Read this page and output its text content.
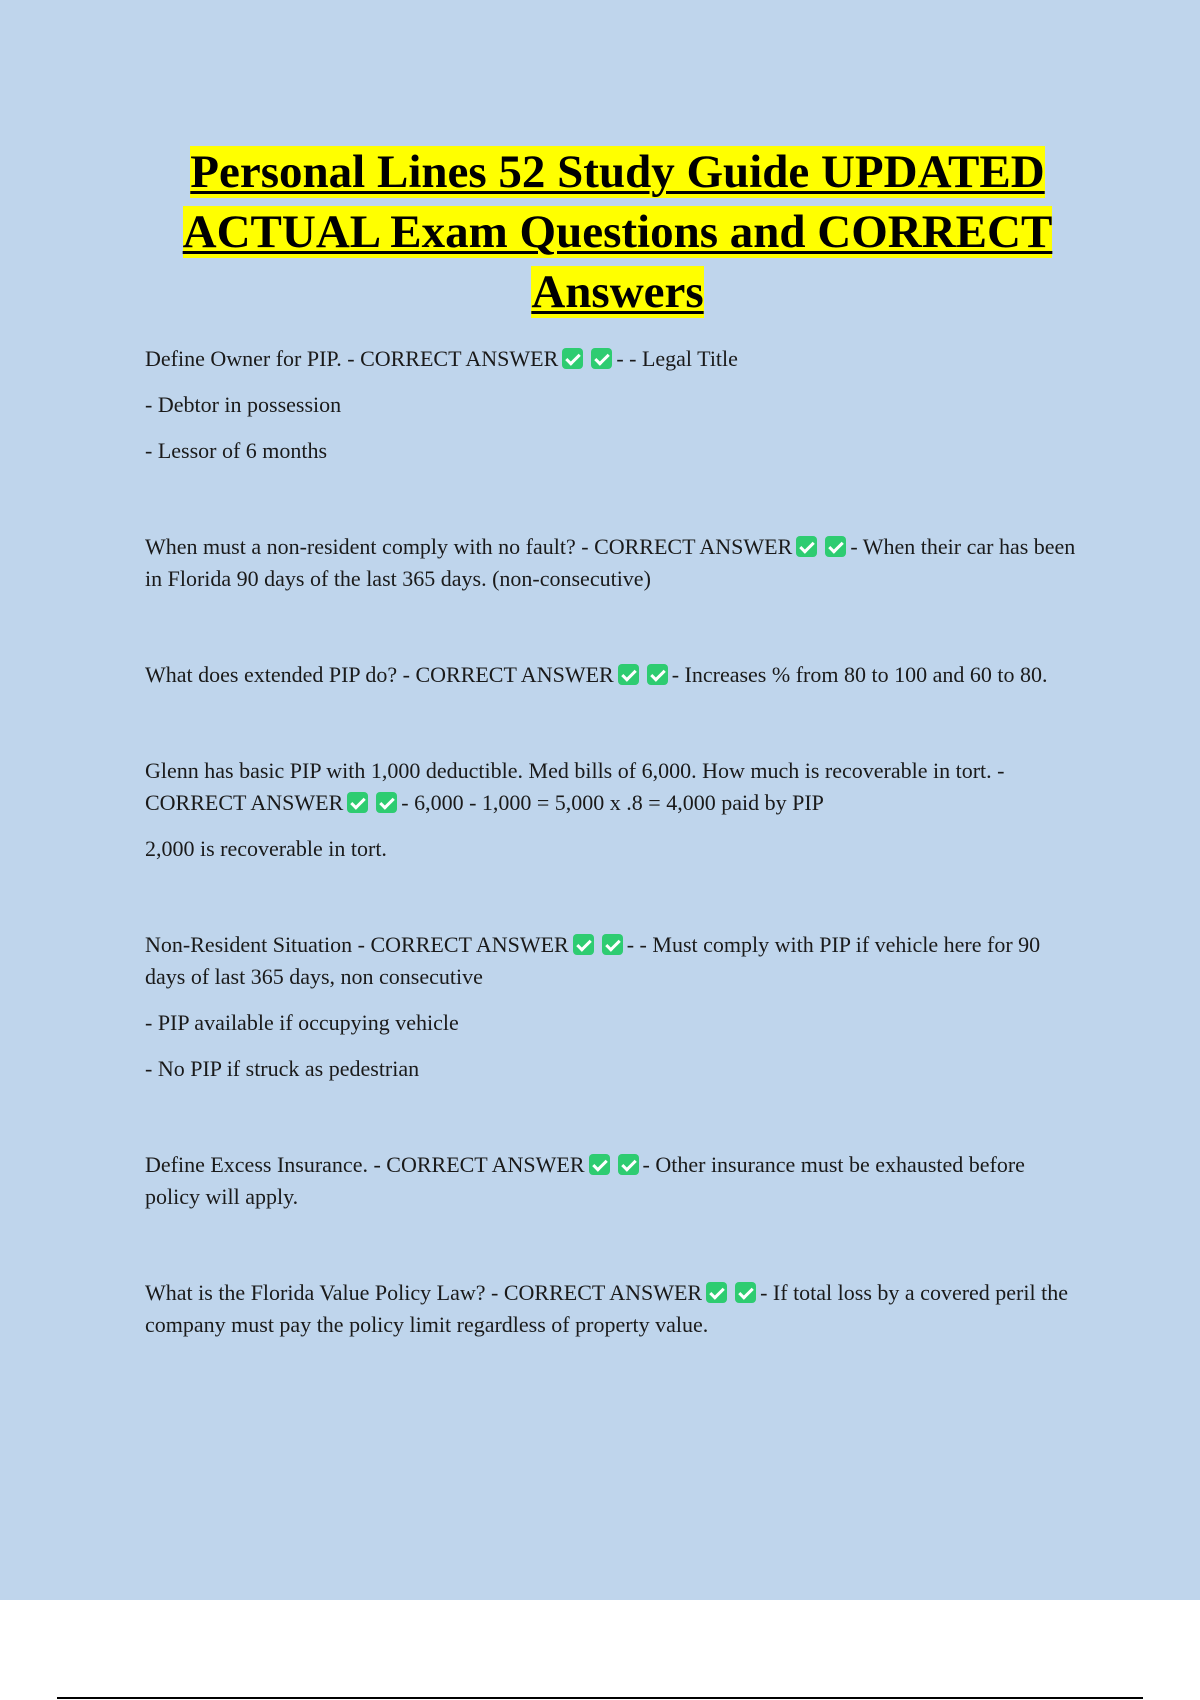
Personal Lines 52 Study Guide UPDATED ACTUAL Exam Questions and CORRECT Answers

Define Owner for PIP. - CORRECT ANSWER	- - Legal Title

- Debtor in possession

- Lessor of 6 months

When must a non-resident comply with no fault? - CORRECT ANSWER	- When their car has been in Florida 90 days of the last 365 days. (non-consecutive)

What does extended PIP do? - CORRECT ANSWER	- Increases % from 80 to 100 and 60 to 80.

Glenn has basic PIP with 1,000 deductible. Med bills of 6,000. How much is recoverable in tort. - CORRECT ANSWER	- 6,000 - 1,000 = 5,000 x .8 = 4,000 paid by PIP

2,000 is recoverable in tort.

Non-Resident Situation - CORRECT ANSWER	- - Must comply with PIP if vehicle here for 90 days of last 365 days, non consecutive

- PIP available if occupying vehicle

- No PIP if struck as pedestrian

Define Excess Insurance. - CORRECT ANSWER	- Other insurance must be exhausted before policy will apply.

What is the Florida Value Policy Law? - CORRECT ANSWER	- If total loss by a covered peril the company must pay the policy limit regardless of property value.
